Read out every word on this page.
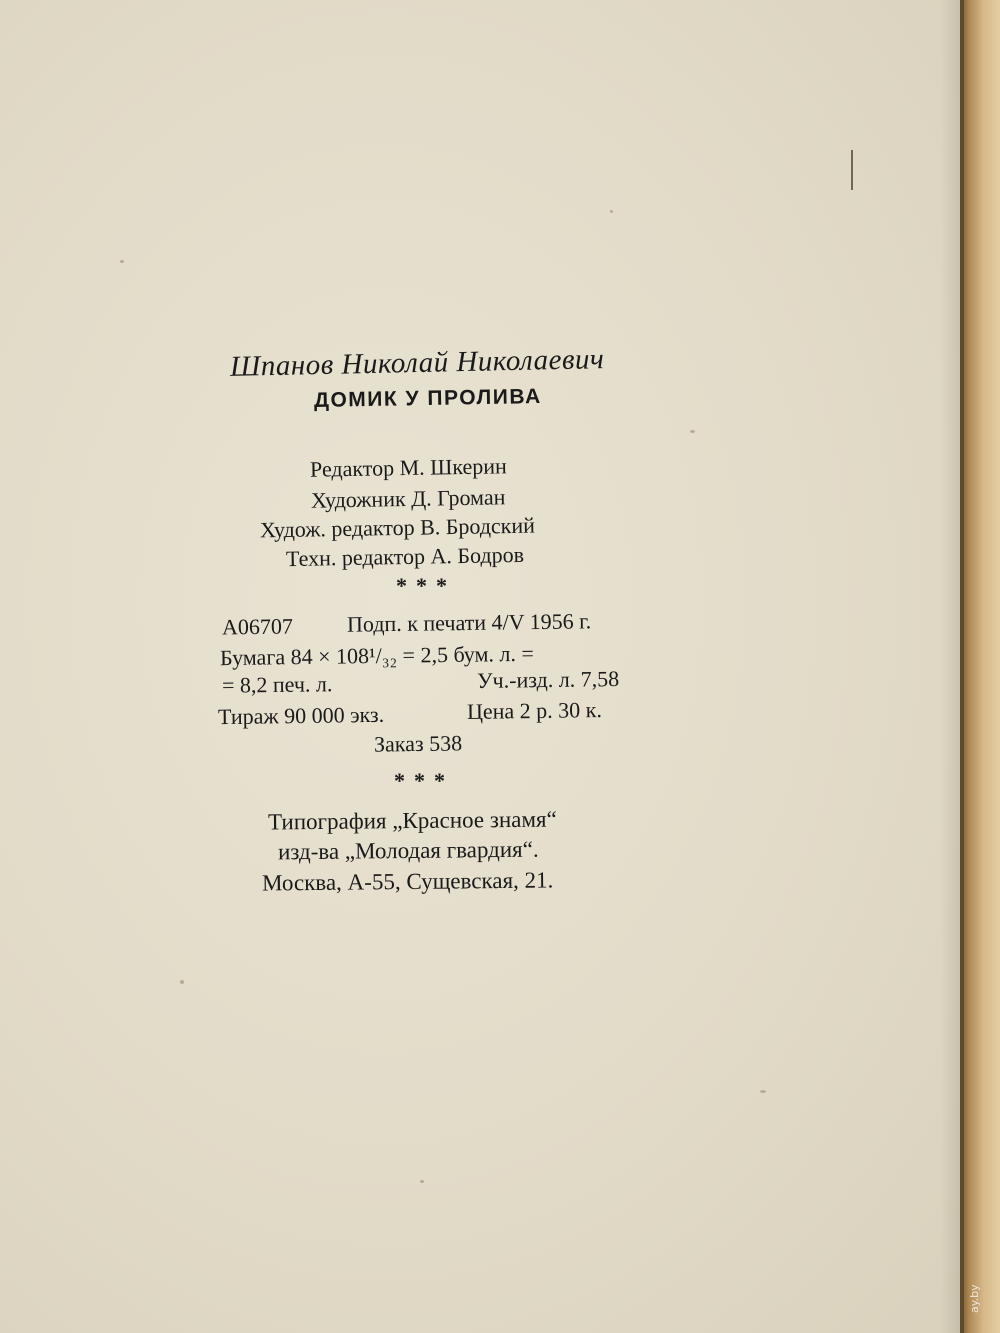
Шпанов Николай Николаевич
ДОМИК У ПРОЛИВА
Редактор М. Шкерин
Художник Д. Громан
Худож. редактор В. Бродский
Техн. редактор А. Бодров
***
А06707 Подп. к печати 4/V 1956 г.
Бумага 84 × 108¹/₃₂ = 2,5 бум. л. =
= 8,2 печ. л.	Уч.-изд. л. 7,58
Тираж 90 000 экз.	Цена 2 р. 30 к.
Заказ 538
***
Типография „Красное знамя“
изд-ва „Молодая гвардия“.
Москва, А-55, Сущевская, 21.
ay.by
